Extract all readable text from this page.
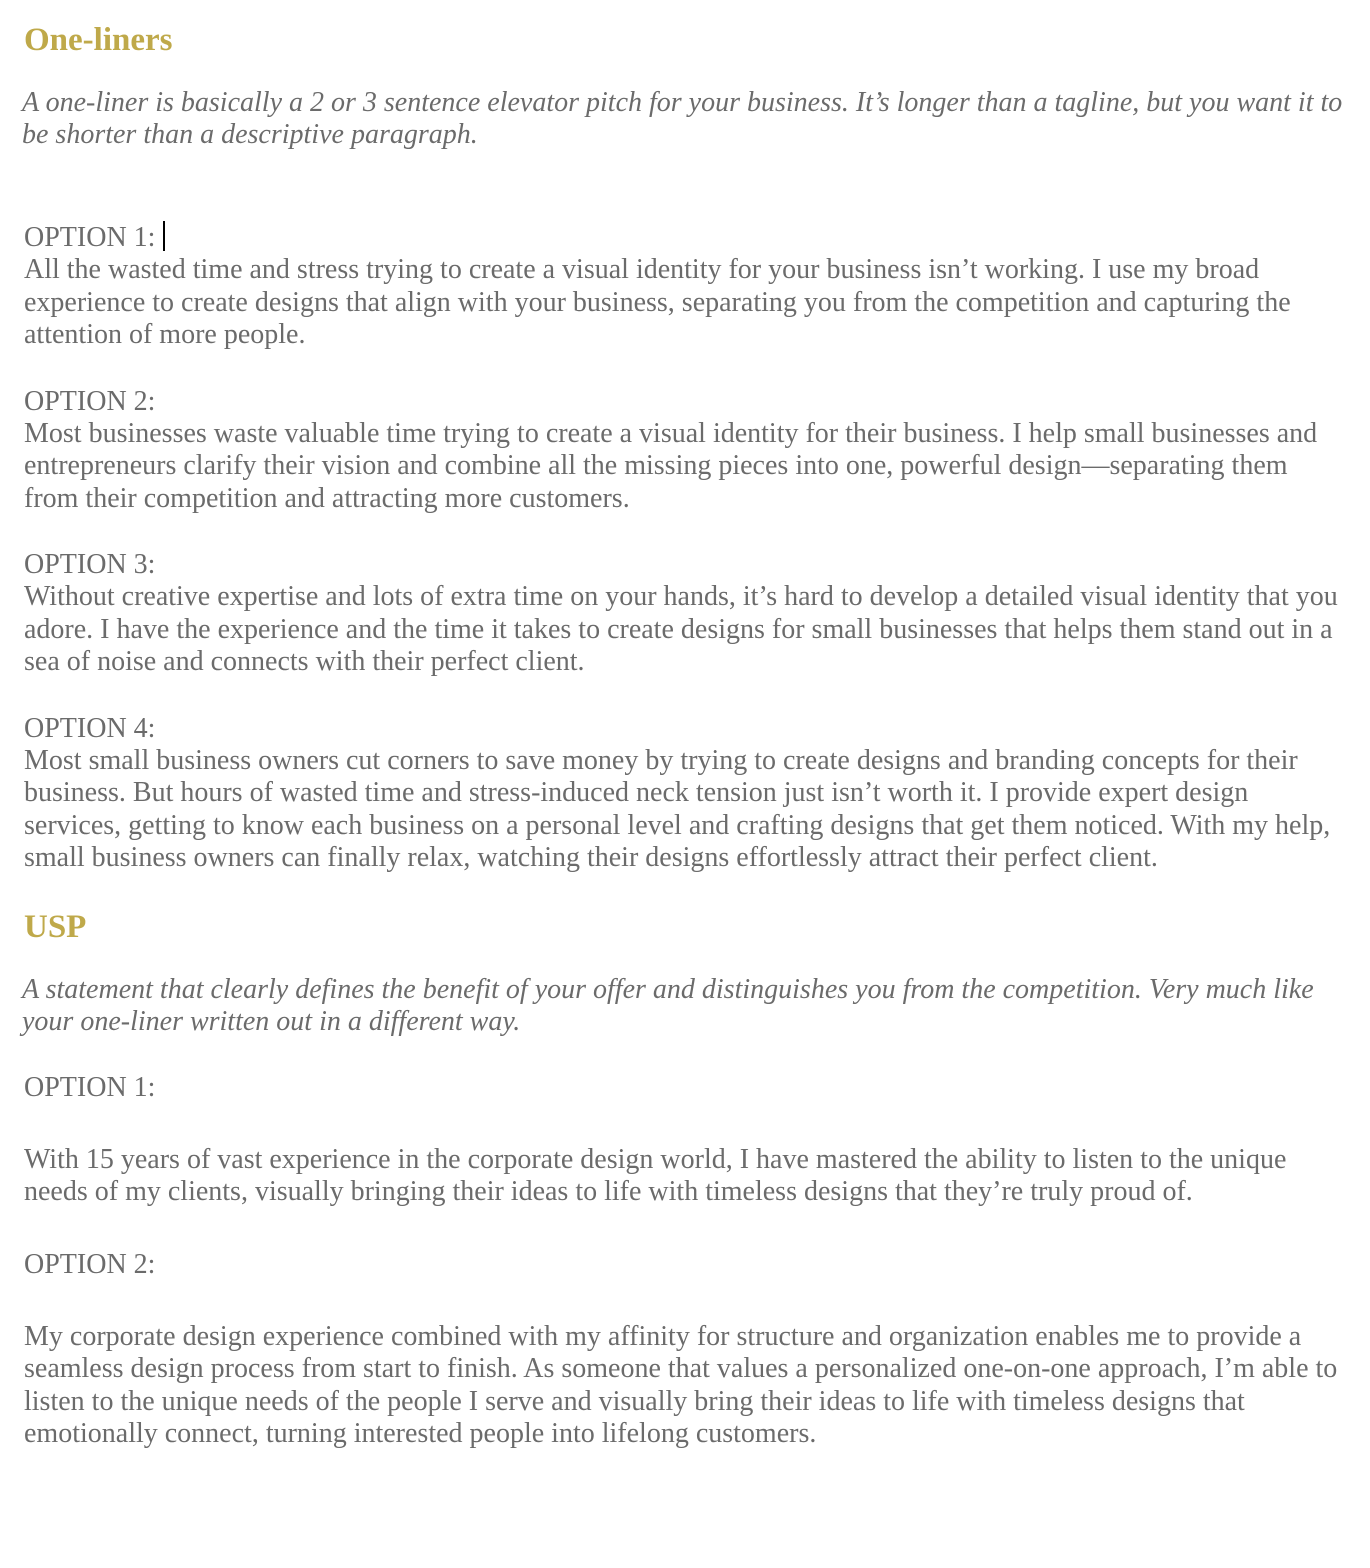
One-liners

A one-liner is basically a 2 or 3 sentence elevator pitch for your business. It’s longer than a tagline, but you want it to be shorter than a descriptive paragraph.

OPTION 1:

All the wasted time and stress trying to create a visual identity for your business isn’t working. I use my broad experience to create designs that align with your business, separating you from the competition and capturing the attention of more people.

OPTION 2:

Most businesses waste valuable time trying to create a visual identity for their business. I help small businesses and entrepreneurs clarify their vision and combine all the missing pieces into one, powerful design—separating them from their competition and attracting more customers.

OPTION 3:

Without creative expertise and lots of extra time on your hands, it’s hard to develop a detailed visual identity that you adore. I have the experience and the time it takes to create designs for small businesses that helps them stand out in a sea of noise and connects with their perfect client.

OPTION 4:

Most small business owners cut corners to save money by trying to create designs and branding concepts for their business. But hours of wasted time and stress-induced neck tension just isn’t worth it. I provide expert design services, getting to know each business on a personal level and crafting designs that get them noticed. With my help, small business owners can finally relax, watching their designs effortlessly attract their perfect client.

USP

A statement that clearly defines the benefit of your offer and distinguishes you from the competition. Very much like your one-liner written out in a different way.

OPTION 1:

With 15 years of vast experience in the corporate design world, I have mastered the ability to listen to the unique needs of my clients, visually bringing their ideas to life with timeless designs that they’re truly proud of.

OPTION 2:

My corporate design experience combined with my affinity for structure and organization enables me to provide a seamless design process from start to finish. As someone that values a personalized one-on-one approach, I’m able to listen to the unique needs of the people I serve and visually bring their ideas to life with timeless designs that emotionally connect, turning interested people into lifelong customers.
